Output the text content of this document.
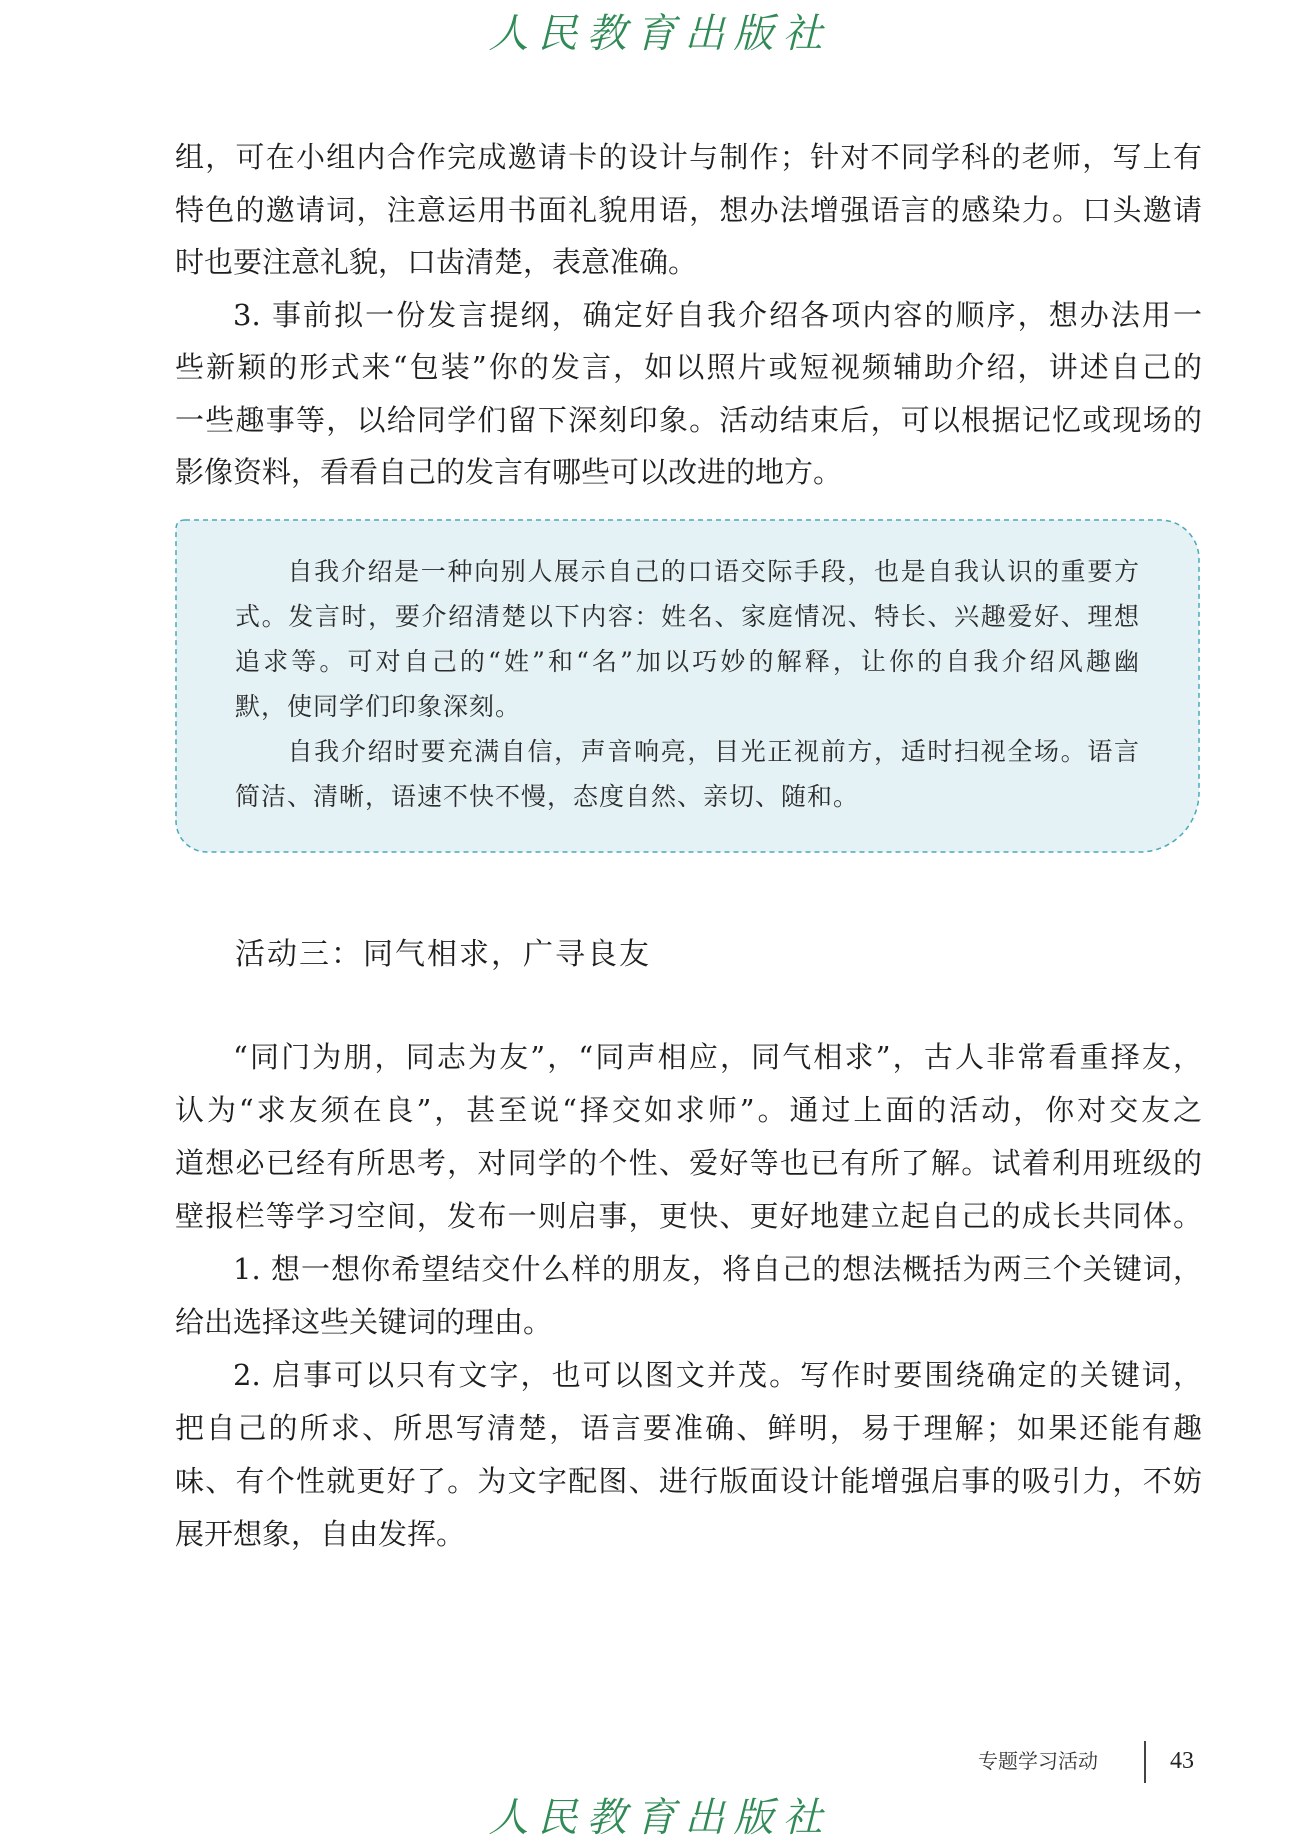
人民教育出版社
组，可在小组内合作完成邀请卡的设计与制作；针对不同学科的老师，写上有
特色的邀请词，注意运用书面礼貌用语，想办法增强语言的感染力。口头邀请
时也要注意礼貌，口齿清楚，表意准确。
3. 事前拟一份发言提纲，确定好自我介绍各项内容的顺序，想办法用一
些新颖的形式来“包装”你的发言，如以照片或短视频辅助介绍，讲述自己的
一些趣事等，以给同学们留下深刻印象。活动结束后，可以根据记忆或现场的
影像资料，看看自己的发言有哪些可以改进的地方。
自我介绍是一种向别人展示自己的口语交际手段，也是自我认识的重要方
式。发言时，要介绍清楚以下内容：姓名、家庭情况、特长、兴趣爱好、理想
追求等。可对自己的“姓”和“名”加以巧妙的解释，让你的自我介绍风趣幽
默，使同学们印象深刻。
自我介绍时要充满自信，声音响亮，目光正视前方，适时扫视全场。语言
简洁、清晰，语速不快不慢，态度自然、亲切、随和。
活动三：同气相求，广寻良友
“同门为朋，同志为友”，“同声相应，同气相求”，古人非常看重择友，
认为“求友须在良”，甚至说“择交如求师”。通过上面的活动，你对交友之
道想必已经有所思考，对同学的个性、爱好等也已有所了解。试着利用班级的
壁报栏等学习空间，发布一则启事，更快、更好地建立起自己的成长共同体。
1. 想一想你希望结交什么样的朋友，将自己的想法概括为两三个关键词，
给出选择这些关键词的理由。
2. 启事可以只有文字，也可以图文并茂。写作时要围绕确定的关键词，
把自己的所求、所思写清楚，语言要准确、鲜明，易于理解；如果还能有趣
味、有个性就更好了。为文字配图、进行版面设计能增强启事的吸引力，不妨
展开想象，自由发挥。
专题学习活动	43
人民教育出版社
